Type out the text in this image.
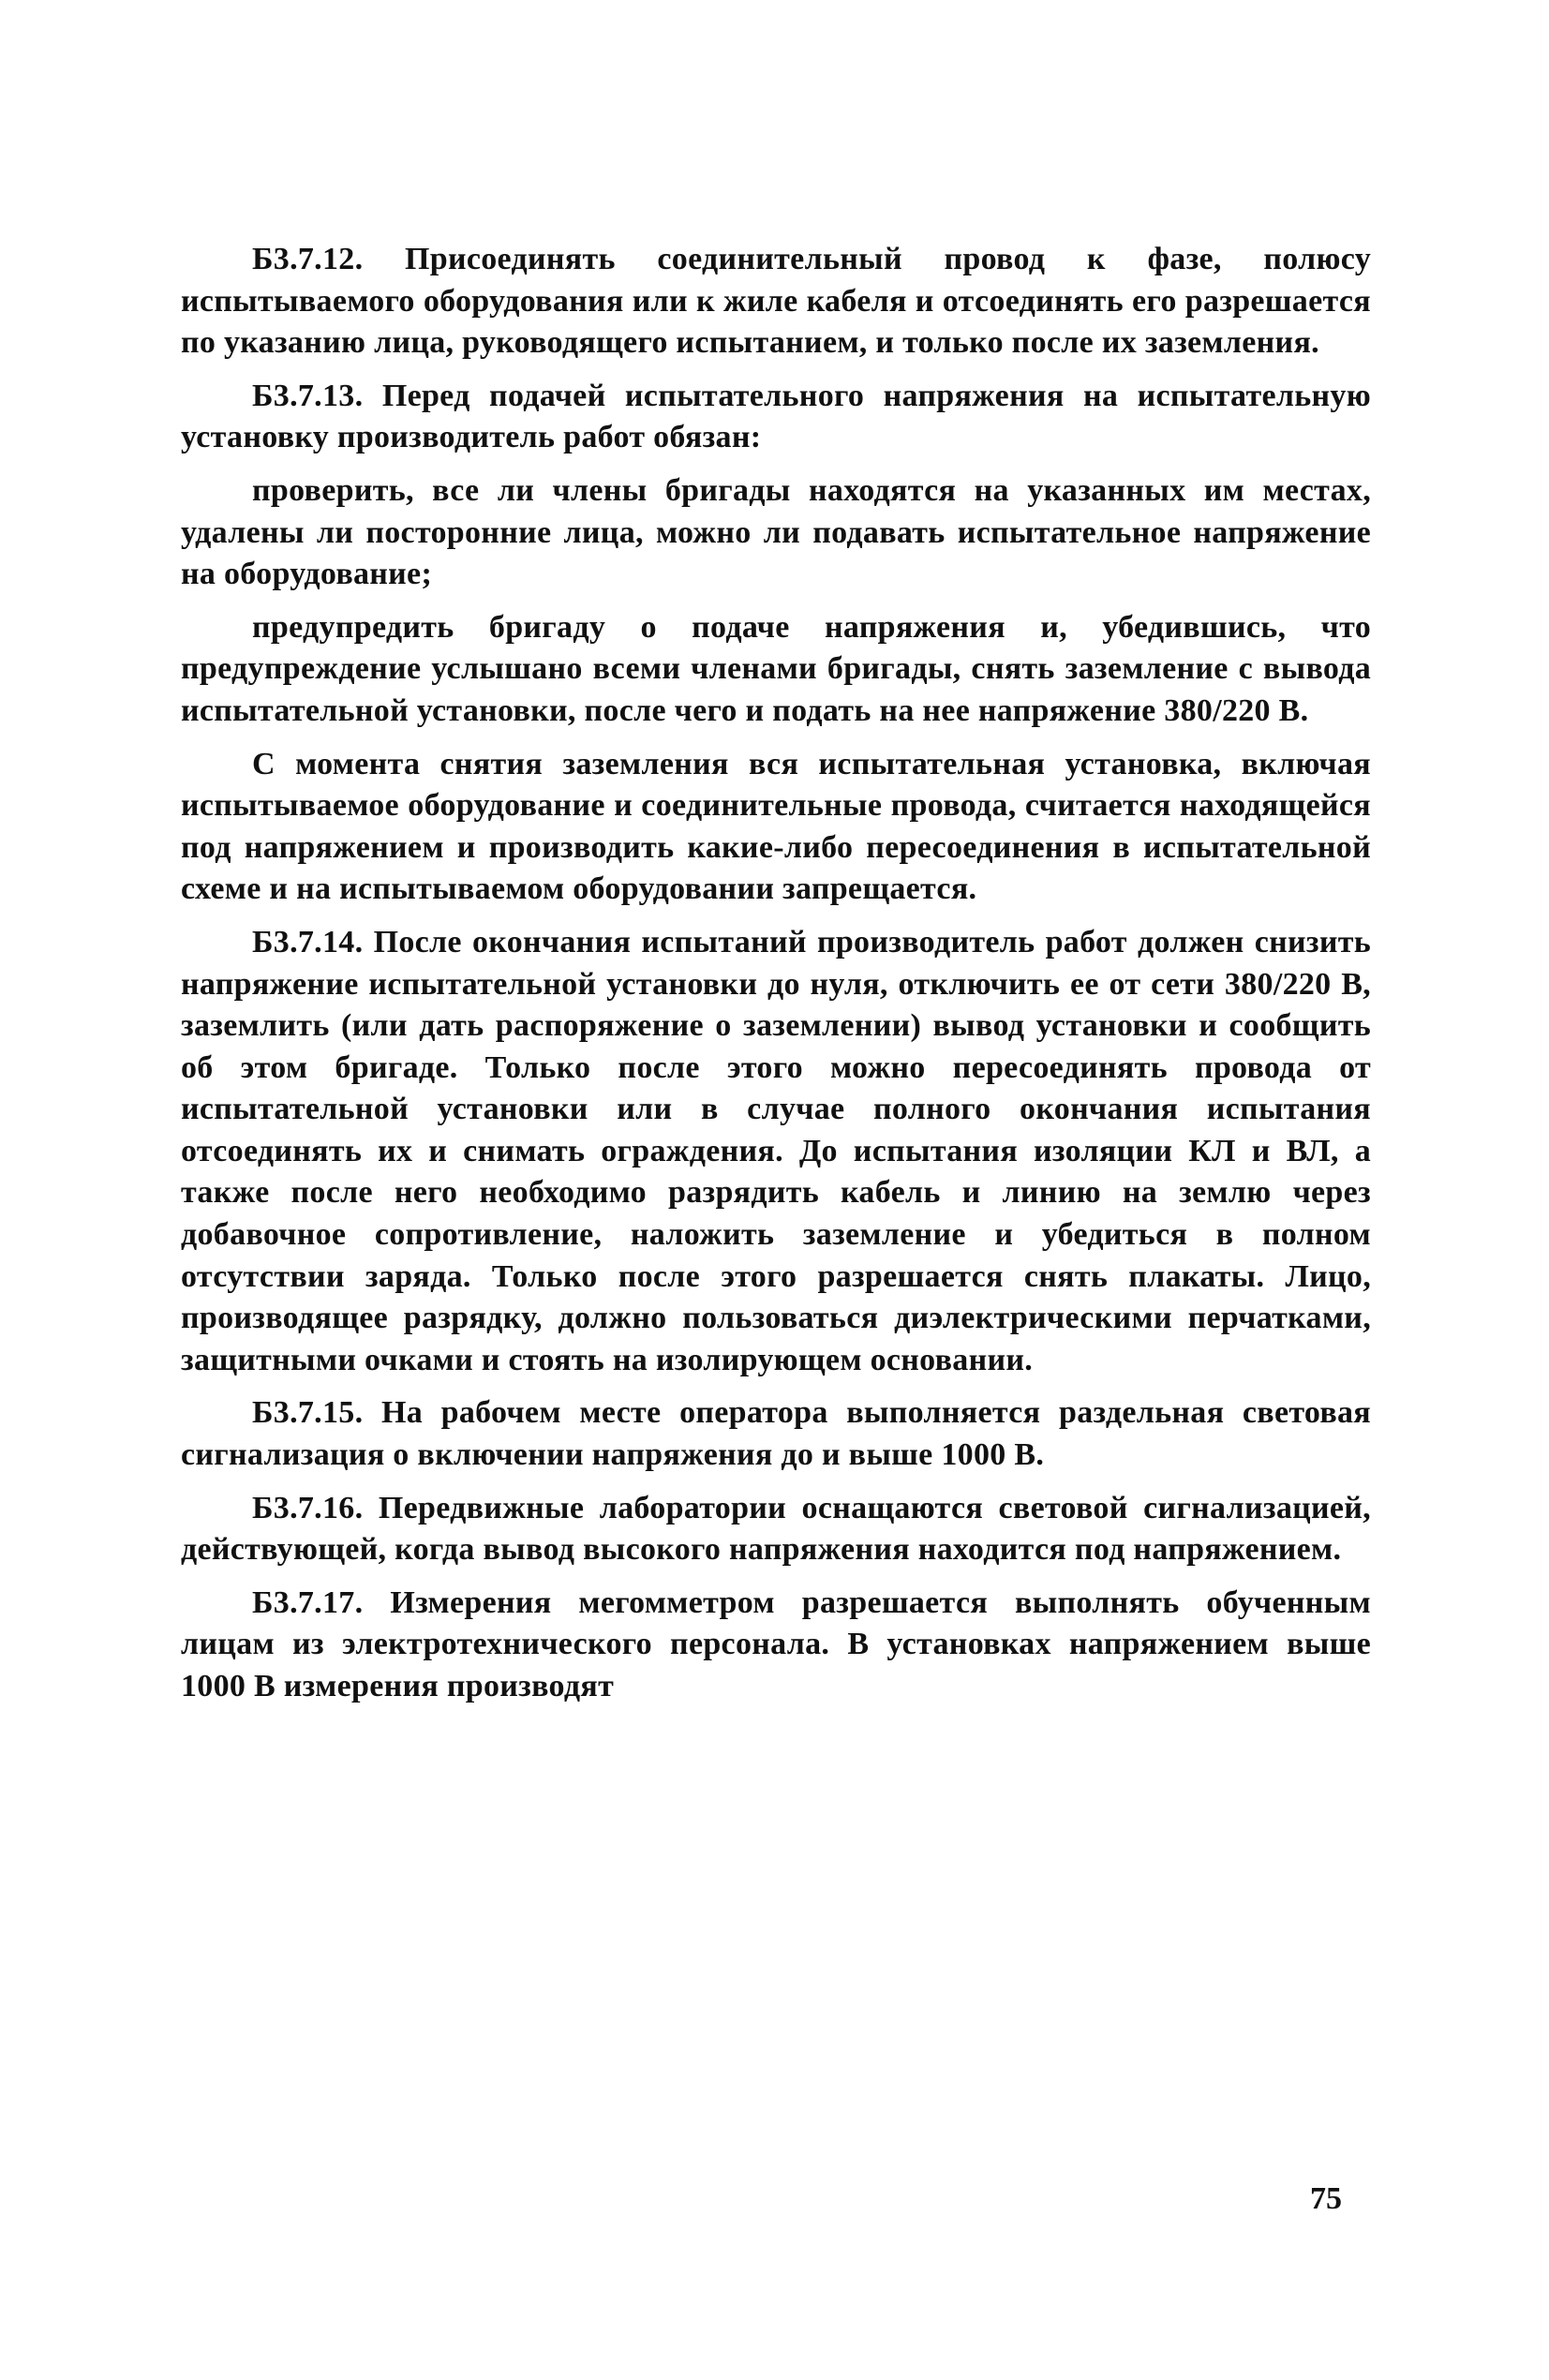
Б3.7.12. Присоединять соединительный провод к фазе, полюсу испытываемого оборудования или к жиле кабеля и отсоединять его разрешается по указанию лица, руководящего испытанием, и только после их заземления.

Б3.7.13. Перед подачей испытательного напряжения на испытательную установку производитель работ обязан:

проверить, все ли члены бригады находятся на указанных им местах, удалены ли посторонние лица, можно ли подавать испытательное напряжение на оборудование;

предупредить бригаду о подаче напряжения и, убедившись, что предупреждение услышано всеми членами бригады, снять заземление с вывода испытательной установки, после чего и подать на нее напряжение 380/220 В.

С момента снятия заземления вся испытательная установка, включая испытываемое оборудование и соединительные провода, считается находящейся под напряжением и производить какие-либо пересоединения в испытательной схеме и на испытываемом оборудовании запрещается.

Б3.7.14. После окончания испытаний производитель работ должен снизить напряжение испытательной установки до нуля, отключить ее от сети 380/220 В, заземлить (или дать распоряжение о заземлении) вывод установки и сообщить об этом бригаде. Только после этого можно пересоединять провода от испытательной установки или в случае полного окончания испытания отсоединять их и снимать ограждения. До испытания изоляции КЛ и ВЛ, а также после него необходимо разрядить кабель и линию на землю через добавочное сопротивление, наложить заземление и убедиться в полном отсутствии заряда. Только после этого разрешается снять плакаты. Лицо, производящее разрядку, должно пользоваться диэлектрическими перчатками, защитными очками и стоять на изолирующем основании.

Б3.7.15. На рабочем месте оператора выполняется раздельная световая сигнализация о включении напряжения до и выше 1000 В.

Б3.7.16. Передвижные лаборатории оснащаются световой сигнализацией, действующей, когда вывод высокого напряжения находится под напряжением.

Б3.7.17. Измерения мегомметром разрешается выполнять обученным лицам из электротехнического персонала. В установках напряжением выше 1000 В измерения производят

75
